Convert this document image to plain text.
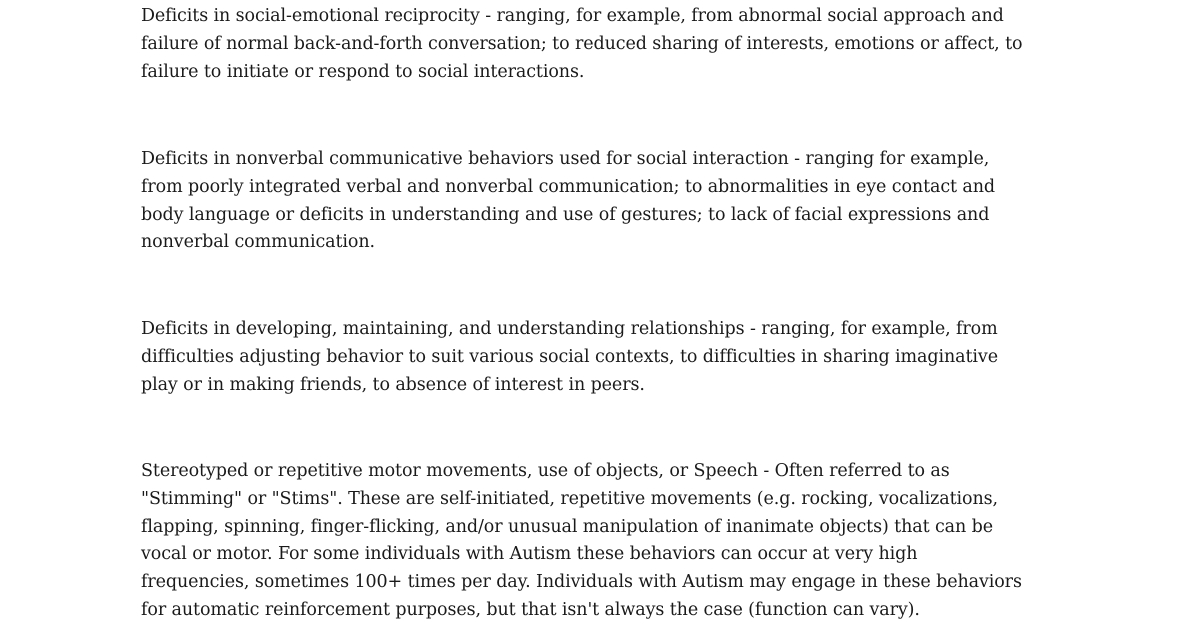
Deficits in social-emotional reciprocity - ranging, for example, from abnormal social approach and
failure of normal back-and-forth conversation; to reduced sharing of interests, emotions or affect, to
failure to initiate or respond to social interactions.

Deficits in nonverbal communicative behaviors used for social interaction - ranging for example,
from poorly integrated verbal and nonverbal communication; to abnormalities in eye contact and
body language or deficits in understanding and use of gestures; to lack of facial expressions and
nonverbal communication.

Deficits in developing, maintaining, and understanding relationships - ranging, for example, from
difficulties adjusting behavior to suit various social contexts, to difficulties in sharing imaginative
play or in making friends, to absence of interest in peers.

Stereotyped or repetitive motor movements, use of objects, or Speech - Often referred to as
"Stimming" or "Stims". These are self-initiated, repetitive movements (e.g. rocking, vocalizations,
flapping, spinning, finger-flicking, and/or unusual manipulation of inanimate objects) that can be
vocal or motor. For some individuals with Autism these behaviors can occur at very high
frequencies, sometimes 100+ times per day. Individuals with Autism may engage in these behaviors
for automatic reinforcement purposes, but that isn't always the case (function can vary).
